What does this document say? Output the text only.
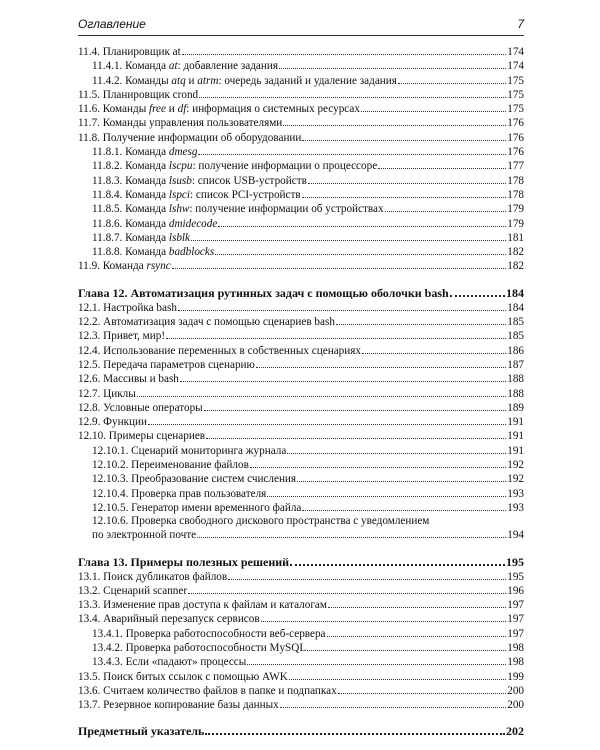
Оглавление	7
11.4. Планировщик at	174
11.4.1. Команда at: добавление задания	174
11.4.2. Команды atq и atrm: очередь заданий и удаление задания	175
11.5. Планировщик crond	175
11.6. Команды free и df: информация о системных ресурсах	175
11.7. Команды управления пользователями	176
11.8. Получение информации об оборудовании	176
11.8.1. Команда dmesg	176
11.8.2. Команда lscpu: получение информации о процессоре	177
11.8.3. Команда lsusb: список USB-устройств	178
11.8.4. Команда lspci: список PCI-устройств	178
11.8.5. Команда lshw: получение информации об устройствах	179
11.8.6. Команда dmidecode	179
11.8.7. Команда lsblk	181
11.8.8. Команда badblocks	182
11.9. Команда rsync	182
Глава 12. Автоматизация рутинных задач с помощью оболочки bash	184
12.1. Настройка bash	184
12.2. Автоматизация задач с помощью сценариев bash	185
12.3. Привет, мир!	185
12.4. Использование переменных в собственных сценариях	186
12.5. Передача параметров сценарию	187
12.6. Массивы и bash	188
12.7. Циклы	188
12.8. Условные операторы	189
12.9. Функции	191
12.10. Примеры сценариев	191
12.10.1. Сценарий мониторинга журнала	191
12.10.2. Переименование файлов	192
12.10.3. Преобразование систем счисления	192
12.10.4. Проверка прав пользователя	193
12.10.5. Генератор имени временного файла	193
12.10.6. Проверка свободного дискового пространства с уведомлением
по электронной почте	194
Глава 13. Примеры полезных решений	195
13.1. Поиск дубликатов файлов	195
13.2. Сценарий scanner	196
13.3. Изменение прав доступа к файлам и каталогам	197
13.4. Аварийный перезапуск сервисов	197
13.4.1. Проверка работоспособности веб-сервера	197
13.4.2. Проверка работоспособности MySQL	198
13.4.3. Если «падают» процессы	198
13.5. Поиск битых ссылок с помощью AWK	199
13.6. Считаем количество файлов в папке и подпапках	200
13.7. Резервное копирование базы данных	200
Предметный указатель	202
